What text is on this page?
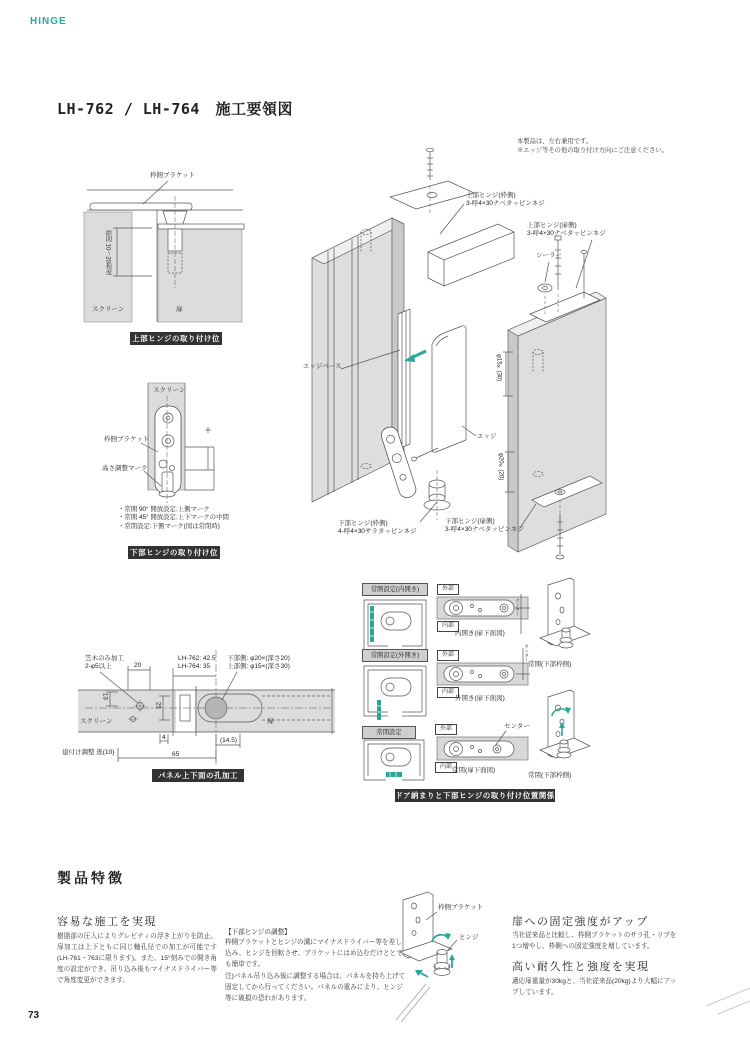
HINGE
LH-762 / LH-764　施工要領図
本製品は、左右兼用です。
※エッジ等その他の取り付け方向にご注意ください。
枠側ブラケット
隙間 10〜20程度
スクリーン	扉
上部ヒンジの取り付け位置
スクリーン
枠側ブラケット
高さ調整マーク
・常開 90° 開放設定:上側マーク
・常開 45° 開放設定:上下マークの中間
・常閉設定:下側マーク(図は常閉時)
下部ヒンジの取り付け位置
上部ヒンジ(枠側)
3-呼4×30ナベタッピンネジ
上部ヒンジ(扉側)
3-呼4×30ナベタッピンネジ
シーラー
エッジベース
エッジ
φ15×(30)
φ20×(20)
下部ヒンジ(枠側)
4-呼4×30サラタッピンネジ
下部ヒンジ(扉側)
3-呼4×30ナベタッピンネジ
常開設定(内開き)
常開設定(外開き)
常閉設定
外部
内部
内開き(扉下面図)
センター
外部
内部
外開き(扉下面図)
センター
外部	センター
内部 常閉(扉下面図)
常開(下部枠側)
常閉(下部枠側)
ドア納まりと下部ヒンジの取り付け位置関係
笠木のみ加工
2-φ5以上	20
LH-762: 42.5
LH-764: 35
下部側: φ20×(深さ20)
上部側: φ15×(深さ30)
13
スクリーン
25
4	(14.5)
扉
建付け調整 逃(10)	65
パネル上下面の孔加工
製品特徴
容易な施工を実現
樹脂部の圧入によりグレビティの浮き上がりを防止。扉加工は上下ともに同じ軸孔径での加工が可能です(LH-761・763に限ります)。また、15°刻みでの開き角度の設定ができ、吊り込み後もマイナスドライバー等で角度変更ができます。
【下部ヒンジの調整】
枠側ブラケットとヒンジの溝にマイナスドライバー等を差し込み、ヒンジを回転させ、ブラケットにはめ込むだけととても簡単です。
注)パネル吊り込み後に調整する場合は、パネルを持ち上げて固定してから行ってください。パネルの重みにより、ヒンジ等に破損の恐れがあります。
枠側ブラケット
ヒンジ
扉への固定強度がアップ
当社従来品と比較し、枠側ブラケットのサラ孔・リブを1つ増やし、枠側への固定強度を増しています。
高い耐久性と強度を実現
適応扉重量が30kgと、当社従来品(20kg)より大幅にアップしています。
73
